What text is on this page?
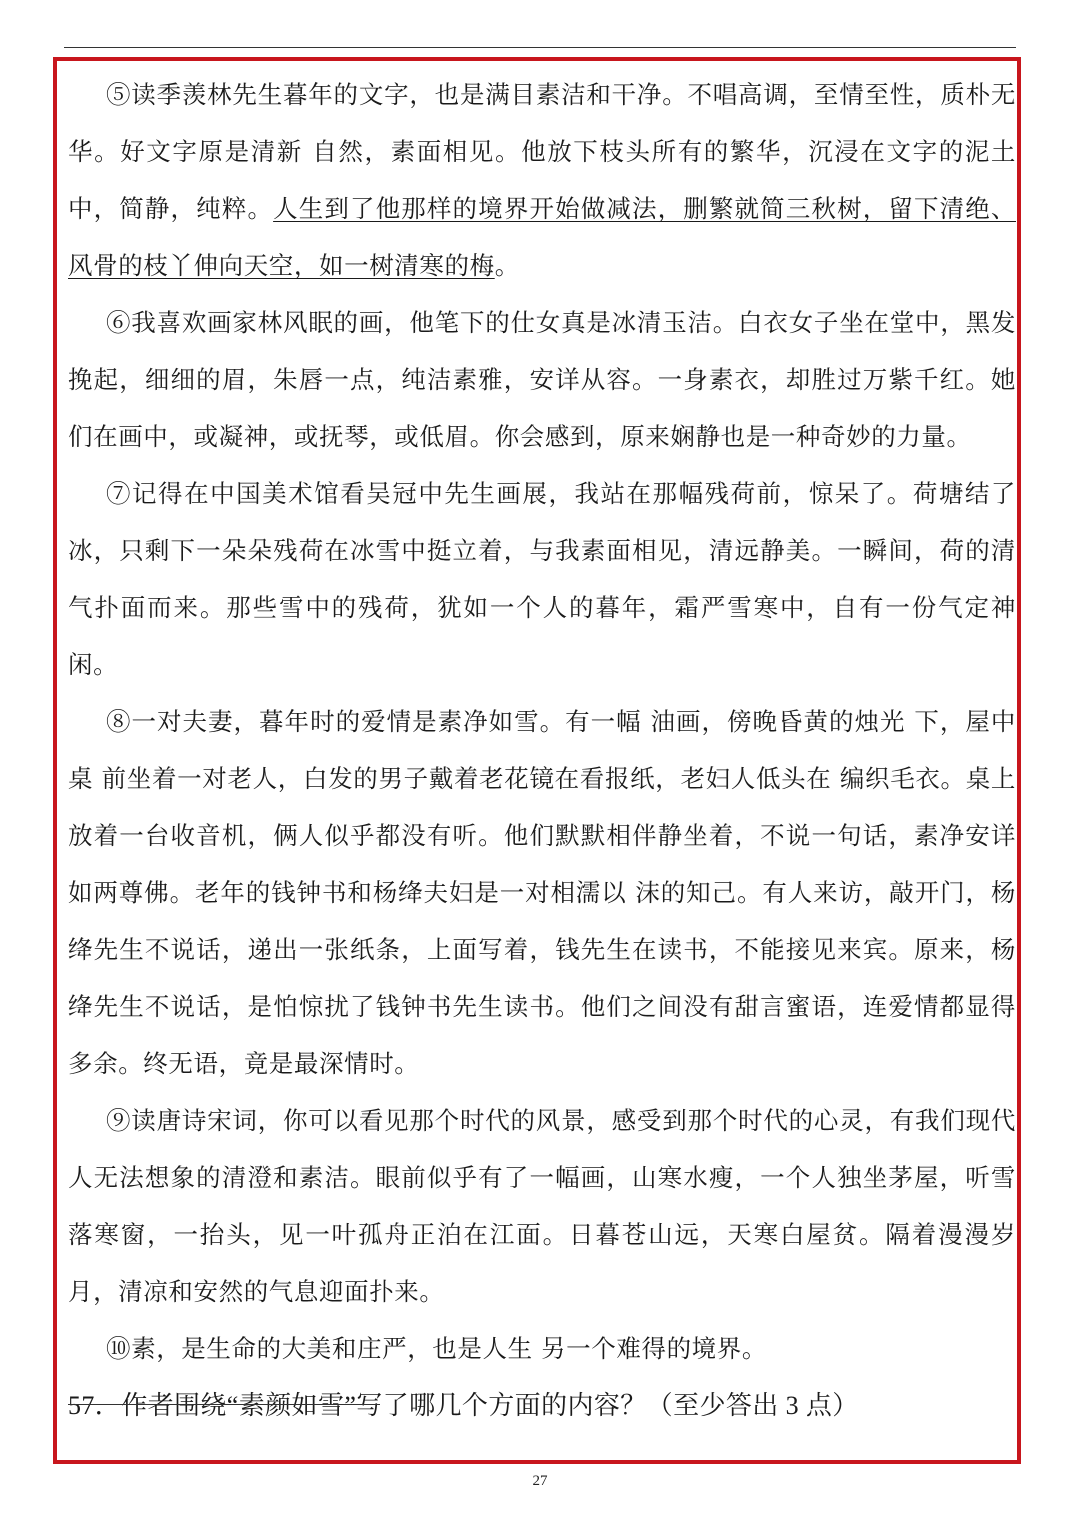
⑤读季羡林先生暮年的文字，也是满目素洁和干净。不唱高调，至情至性，质朴无华。好文字原是清新 自然，素面相见。他放下枝头所有的繁华，沉浸在文字的泥土中，简静，纯粹。人生到了他那样的境界开始做减法，删繁就简三秋树，留下清绝、风骨的枝丫伸向天空，如一树清寒的梅。

⑥我喜欢画家林风眠的画，他笔下的仕女真是冰清玉洁。白衣女子坐在堂中，黑发挽起，细细的眉，朱唇一点，纯洁素雅，安详从容。一身素衣，却胜过万紫千红。她们在画中，或凝神，或抚琴，或低眉。你会感到，原来娴静也是一种奇妙的力量。

⑦记得在中国美术馆看吴冠中先生画展，我站在那幅残荷前，惊呆了。荷塘结了冰，只剩下一朵朵残荷在冰雪中挺立着，与我素面相见，清远静美。一瞬间，荷的清气扑面而来。那些雪中的残荷，犹如一个人的暮年，霜严雪寒中，自有一份气定神闲。

⑧一对夫妻，暮年时的爱情是素净如雪。有一幅 油画，傍晚昏黄的烛光 下，屋中桌 前坐着一对老人，白发的男子戴着老花镜在看报纸，老妇人低头在 编织毛衣。桌上放着一台收音机，俩人似乎都没有听。他们默默相伴静坐着，不说一句话，素净安详如两尊佛。老年的钱钟书和杨绛夫妇是一对相濡以 沫的知己。有人来访，敲开门，杨绛先生不说话，递出一张纸条，上面写着，钱先生在读书，不能接见来宾。原来，杨绛先生不说话，是怕惊扰了钱钟书先生读书。他们之间没有甜言蜜语，连爱情都显得多余。终无语，竟是最深情时。

⑨读唐诗宋词，你可以看见那个时代的风景，感受到那个时代的心灵，有我们现代人无法想象的清澄和素洁。眼前似乎有了一幅画，山寒水瘦，一个人独坐茅屋，听雪落寒窗，一抬头，见一叶孤舟正泊在江面。日暮苍山远，天寒白屋贫。隔着漫漫岁月，清凉和安然的气息迎面扑来。

⑩素，是生命的大美和庄严，也是人生 另一个难得的境界。

57．作者围绕“素颜如雪”写了哪几个方面的内容？（至少答出 3 点）

27
